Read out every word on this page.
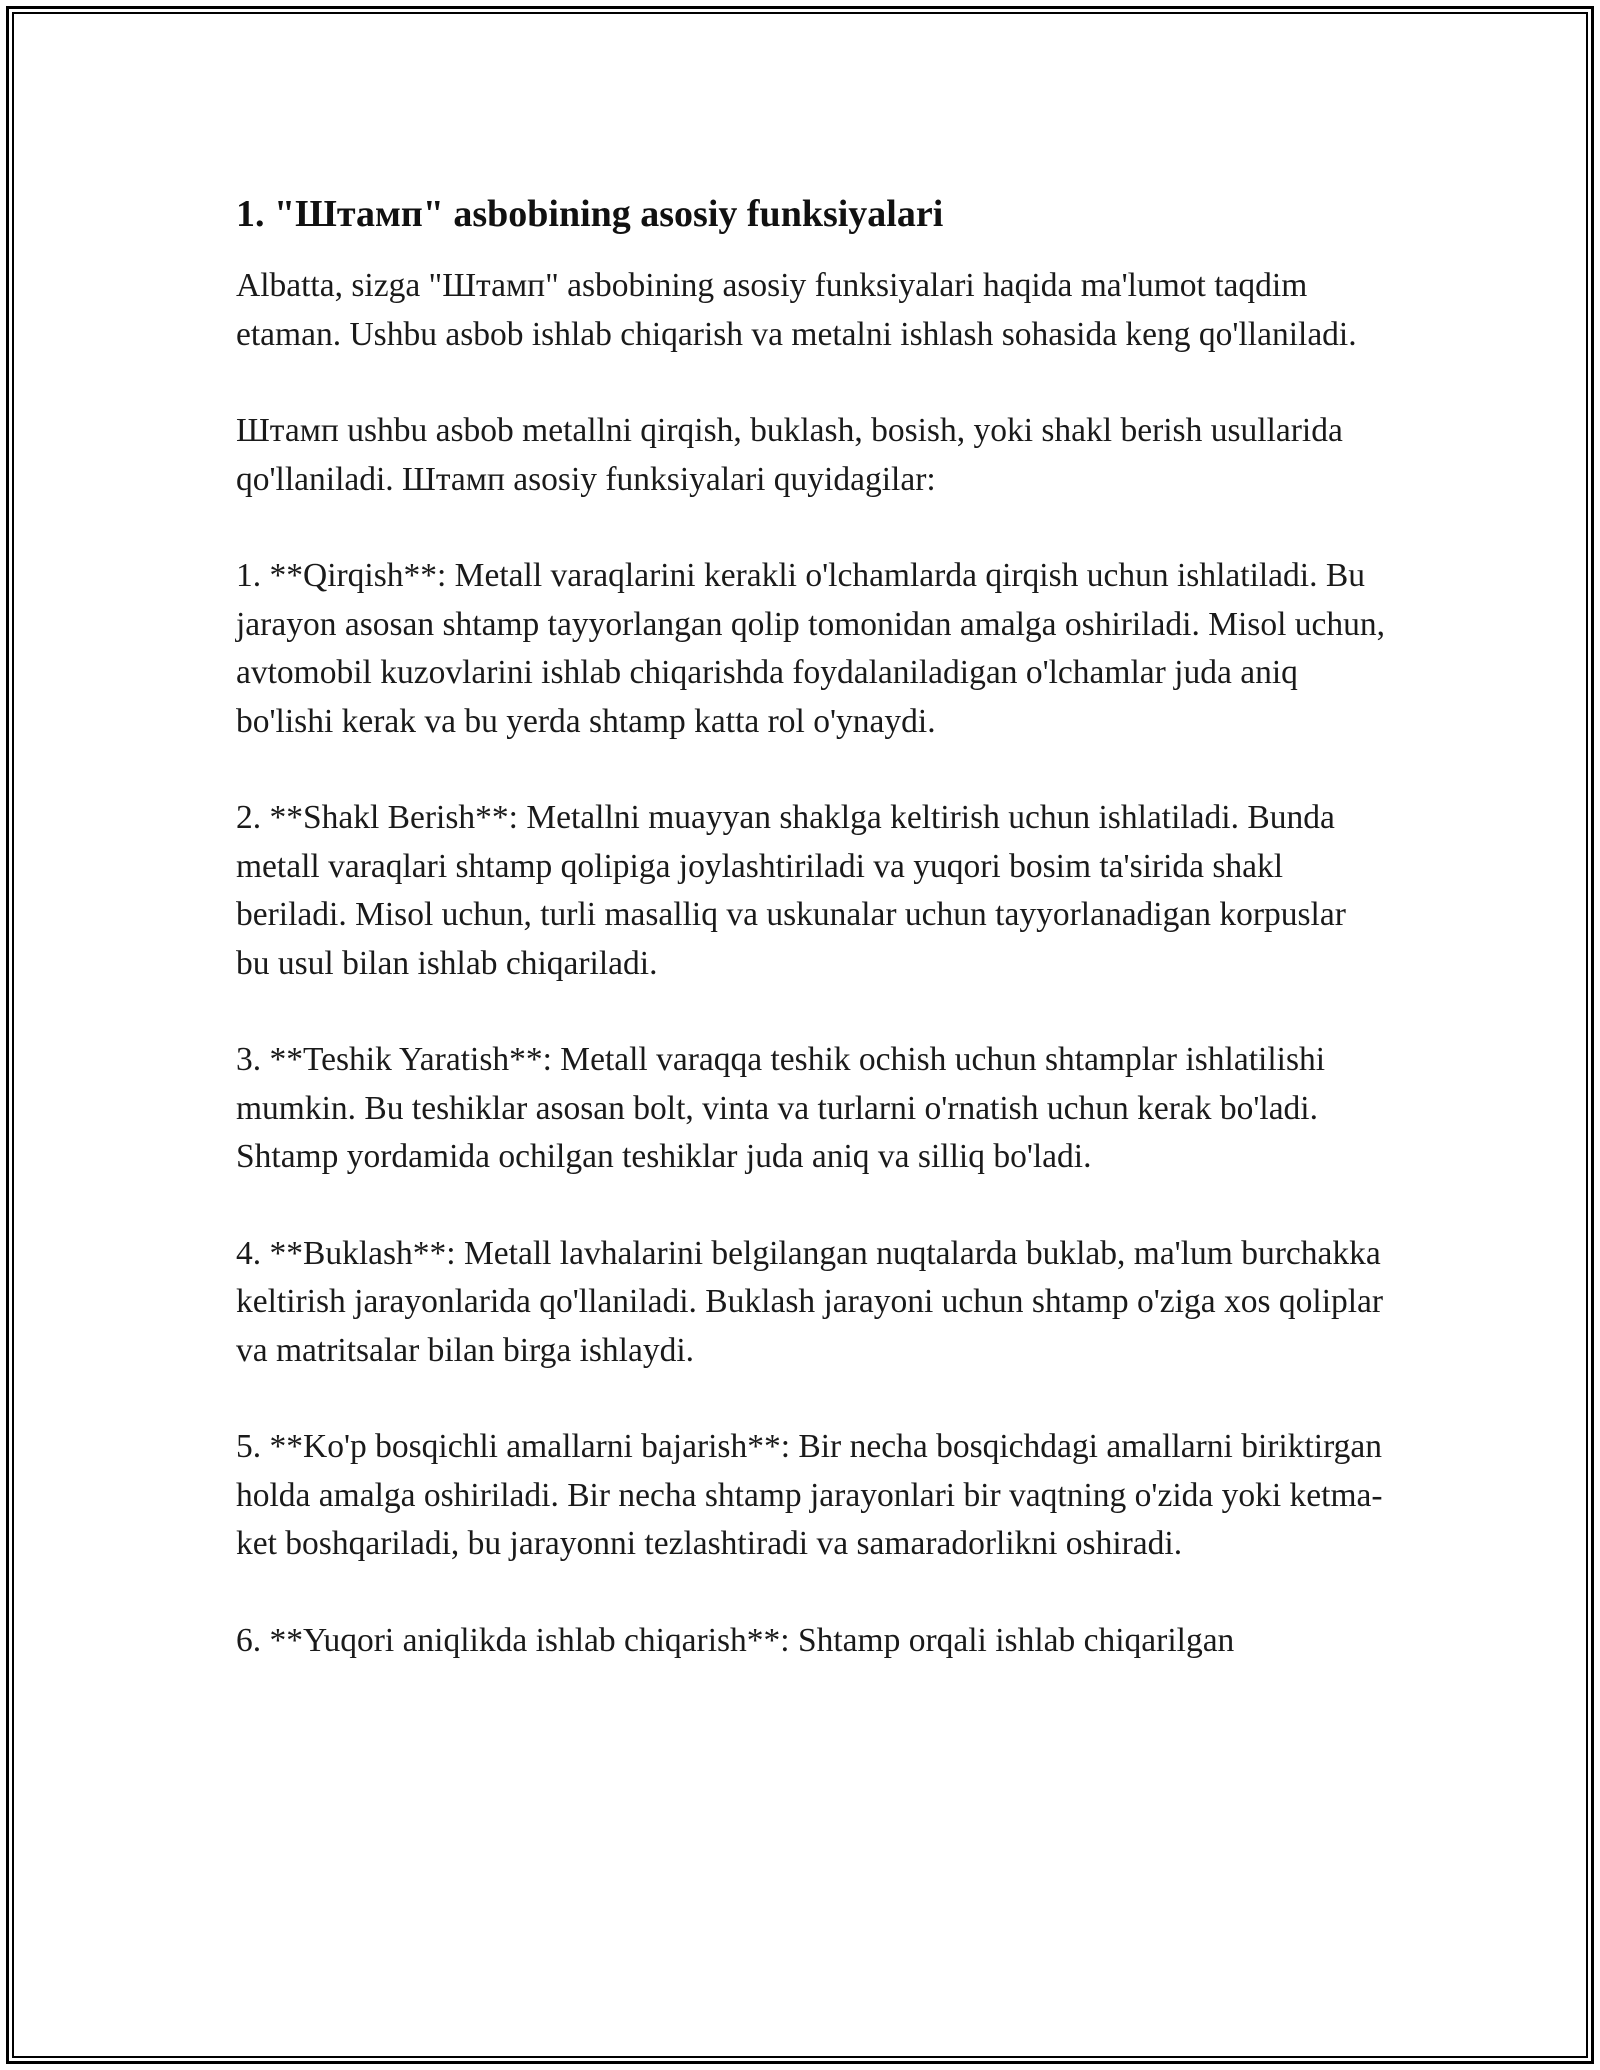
1. "Штамп" asbobining asosiy funksiyalari

Albatta, sizga "Штамп" asbobining asosiy funksiyalari haqida ma'lumot taqdim etaman. Ushbu asbob ishlab chiqarish va metalni ishlash sohasida keng qo'llaniladi.

Штамп ushbu asbob metallni qirqish, buklash, bosish, yoki shakl berish usullarida qo'llaniladi. Штамп asosiy funksiyalari quyidagilar:

1. **Qirqish**: Metall varaqlarini kerakli o'lchamlarda qirqish uchun ishlatiladi. Bu jarayon asosan shtamp tayyorlangan qolip tomonidan amalga oshiriladi. Misol uchun, avtomobil kuzovlarini ishlab chiqarishda foydalaniladigan o'lchamlar juda aniq bo'lishi kerak va bu yerda shtamp katta rol o'ynaydi.

2. **Shakl Berish**: Metallni muayyan shaklga keltirish uchun ishlatiladi. Bunda metall varaqlari shtamp qolipiga joylashtiriladi va yuqori bosim ta'sirida shakl beriladi. Misol uchun, turli masalliq va uskunalar uchun tayyorlanadigan korpuslar bu usul bilan ishlab chiqariladi.

3. **Teshik Yaratish**: Metall varaqqa teshik ochish uchun shtamplar ishlatilishi mumkin. Bu teshiklar asosan bolt, vinta va turlarni o'rnatish uchun kerak bo'ladi. Shtamp yordamida ochilgan teshiklar juda aniq va silliq bo'ladi.

4. **Buklash**: Metall lavhalarini belgilangan nuqtalarda buklab, ma'lum burchakka keltirish jarayonlarida qo'llaniladi. Buklash jarayoni uchun shtamp o'ziga xos qoliplar va matritsalar bilan birga ishlaydi.

5. **Ko'p bosqichli amallarni bajarish**: Bir necha bosqichdagi amallarni biriktirgan holda amalga oshiriladi. Bir necha shtamp jarayonlari bir vaqtning o'zida yoki ketma-ket boshqariladi, bu jarayonni tezlashtiradi va samaradorlikni oshiradi.

6. **Yuqori aniqlikda ishlab chiqarish**: Shtamp orqali ishlab chiqarilgan
